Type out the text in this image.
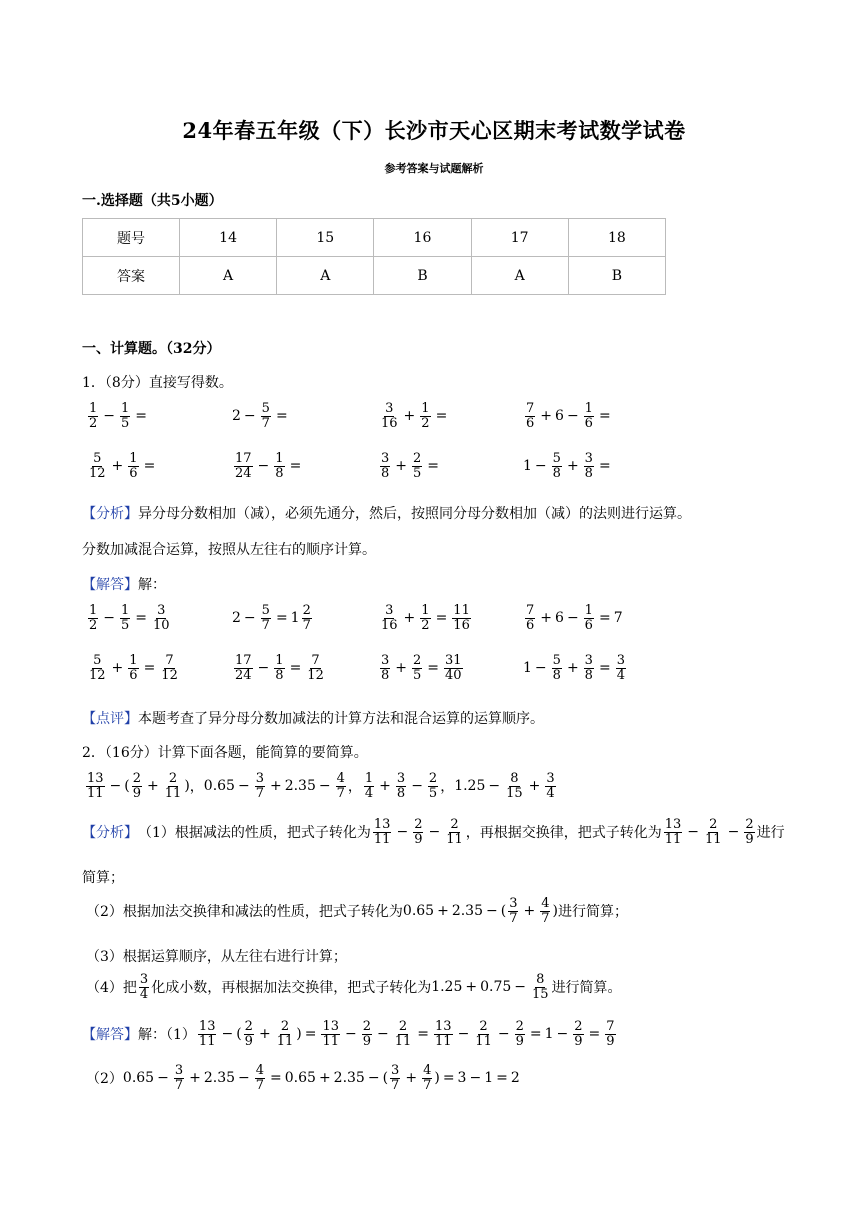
24年春五年级（下）长沙市天心区期末考试数学试卷
参考答案与试题解析
一.选择题（共5小题）
题号	14	15	16	17	18
答案	A	A	B	A	B
一、计算题。（32分）
1．（8分）直接写得数。
$\frac{1}{2} - \frac{1}{5}$ =	$2 - \frac{5}{7}$ =	$\frac{3}{16} + \frac{1}{2}$ =	$\frac{7}{6} + 6 - \frac{1}{6}$ =
$\frac{5}{12} + \frac{1}{6}$ =	$\frac{17}{24} - \frac{1}{8}$ =	$\frac{3}{8} + \frac{2}{5}$ =	$1 - \frac{5}{8} + \frac{3}{8}$ =
【分析】异分母分数相加（减），必须先通分，然后，按照同分母分数相加（减）的法则进行运算。
分数加减混合运算，按照从左往右的顺序计算。
【解答】解：
$\frac{1}{2} - \frac{1}{5} = \frac{3}{10}$	$2 - \frac{5}{7} = 1 \frac{2}{7}$	$\frac{3}{16} + \frac{1}{2} = \frac{11}{16}$	$\frac{7}{6} + 6 - \frac{1}{6} = 7$
$\frac{5}{12} + \frac{1}{6} = \frac{7}{12}$	$\frac{17}{24} - \frac{1}{8} = \frac{7}{12}$	$\frac{3}{8} + \frac{2}{5} = \frac{31}{40}$	$1 - \frac{5}{8} + \frac{3}{8} = \frac{3}{4}$
【点评】本题考查了异分母分数加减法的计算方法和混合运算的运算顺序。
2．（16分）计算下面各题，能简算的要简算。
$\frac{13}{11}$ − ( $\frac{2}{9} + \frac{2}{11}$ ) ， $0.65 - \frac{3}{7} + 2.35 - \frac{4}{7}$ ， $\frac{1}{4} + \frac{3}{8} - \frac{2}{5}$ ， $1.25 - \frac{8}{15} + \frac{3}{4}$
【分析】 （1）根据减法的性质，把式子转化为 $\frac{13}{11} - \frac{2}{9} - \frac{2}{11}$ ，再根据交换律，把式子转化为 $\frac{13}{11} - \frac{2}{11} - \frac{2}{9}$ 进行
简算；
（2）根据加法交换律和减法的性质，把式子转化为 0.65 + 2.35 − ( $\frac{3}{7} + \frac{4}{7}$ ) 进行简算；
（3）根据运算顺序，从左往右进行计算；
（4）把 $\frac{3}{4}$ 化成小数，再根据加法交换律，把式子转化为 $1.25 + 0.75 - \frac{8}{15}$ 进行简算。
【解答】 解：$(1) \frac{13}{11}$ − ( $\frac{2}{9} + \frac{2}{11}$ ) = $\frac{13}{11} - \frac{2}{9} - \frac{2}{11} = \frac{13}{11} - \frac{2}{11} - \frac{2}{9} = 1 - \frac{2}{9} = \frac{7}{9}$
（2） $0.65 - \frac{3}{7} + 2.35 - \frac{4}{7} = 0.65 + 2.35$ − ( $\frac{3}{7} + \frac{4}{7}$ ) = 3 − 1 = 2
